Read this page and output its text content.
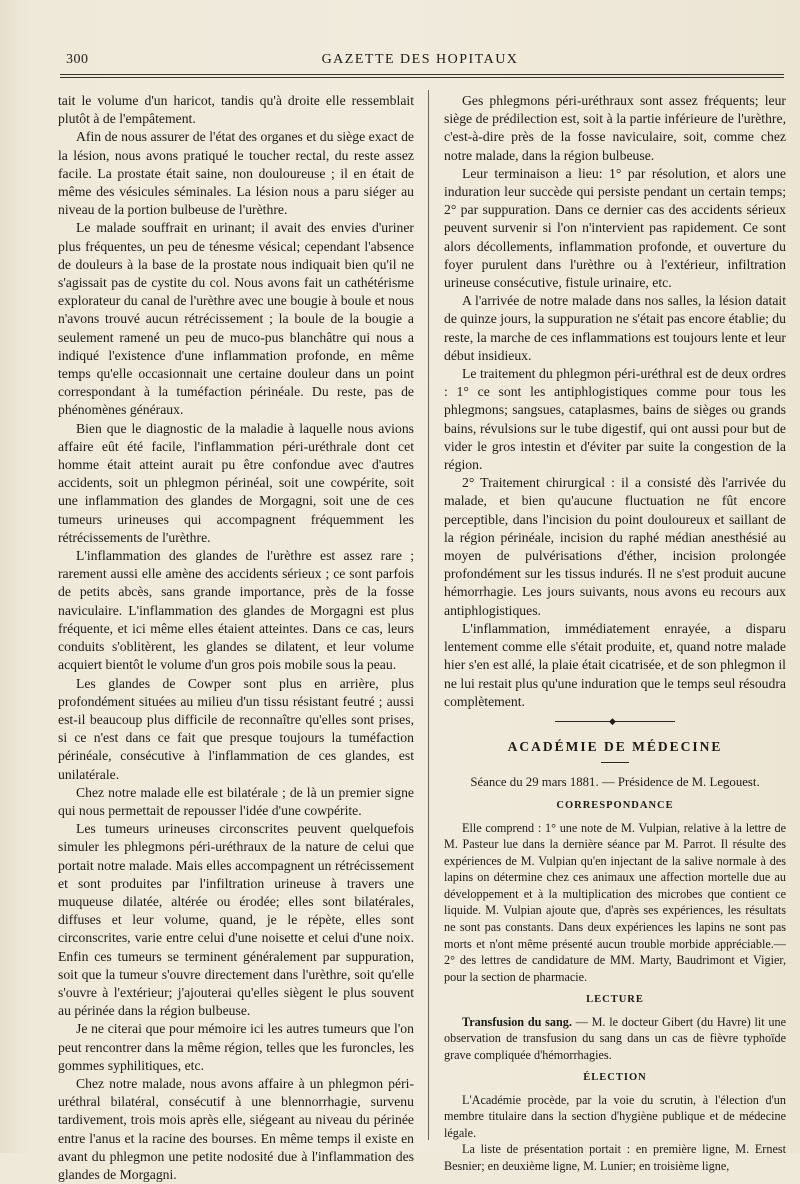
300	GAZETTE DES HOPITAUX

tait le volume d'un haricot, tandis qu'à droite elle ressemblait plutôt à de l'empâtement.

Afin de nous assurer de l'état des organes et du siège exact de la lésion, nous avons pratiqué le toucher rectal, du reste assez facile. La prostate était saine, non douloureuse ; il en était de même des vésicules séminales. La lésion nous a paru siéger au niveau de la portion bulbeuse de l'urèthre.

Le malade souffrait en urinant; il avait des envies d'uriner plus fréquentes, un peu de ténesme vésical; cependant l'absence de douleurs à la base de la prostate nous indiquait bien qu'il ne s'agissait pas de cystite du col. Nous avons fait un cathétérisme explorateur du canal de l'urèthre avec une bougie à boule et nous n'avons trouvé aucun rétrécissement ; la boule de la bougie a seulement ramené un peu de muco-pus blanchâtre qui nous a indiqué l'existence d'une inflammation profonde, en même temps qu'elle occasionnait une certaine douleur dans un point correspondant à la tuméfaction périnéale. Du reste, pas de phénomènes généraux.

Bien que le diagnostic de la maladie à laquelle nous avions affaire eût été facile, l'inflammation péri-uréthrale dont cet homme était atteint aurait pu être confondue avec d'autres accidents, soit un phlegmon périnéal, soit une cowpérite, soit une inflammation des glandes de Morgagni, soit une de ces tumeurs urineuses qui accompagnent fréquemment les rétrécissements de l'urèthre.

L'inflammation des glandes de l'urèthre est assez rare ; rarement aussi elle amène des accidents sérieux ; ce sont parfois de petits abcès, sans grande importance, près de la fosse naviculaire. L'inflammation des glandes de Morgagni est plus fréquente, et ici même elles étaient atteintes. Dans ce cas, leurs conduits s'oblitèrent, les glandes se dilatent, et leur volume acquiert bientôt le volume d'un gros pois mobile sous la peau.

Les glandes de Cowper sont plus en arrière, plus profondément situées au milieu d'un tissu résistant feutré ; aussi est-il beaucoup plus difficile de reconnaître qu'elles sont prises, si ce n'est dans ce fait que presque toujours la tuméfaction périnéale, consécutive à l'inflammation de ces glandes, est unilatérale.

Chez notre malade elle est bilatérale ; de là un premier signe qui nous permettait de repousser l'idée d'une cowpérite.

Les tumeurs urineuses circonscrites peuvent quelquefois simuler les phlegmons péri-uréthraux de la nature de celui que portait notre malade. Mais elles accompagnent un rétrécissement et sont produites par l'infiltration urineuse à travers une muqueuse dilatée, altérée ou érodée; elles sont bilatérales, diffuses et leur volume, quand, je le répète, elles sont circonscrites, varie entre celui d'une noisette et celui d'une noix. Enfin ces tumeurs se terminent généralement par suppuration, soit que la tumeur s'ouvre directement dans l'urèthre, soit qu'elle s'ouvre à l'extérieur; j'ajouterai qu'elles siègent le plus souvent au périnée dans la région bulbeuse.

Je ne citerai que pour mémoire ici les autres tumeurs que l'on peut rencontrer dans la même région, telles que les furoncles, les gommes syphilitiques, etc.

Chez notre malade, nous avons affaire à un phlegmon péri-uréthral bilatéral, consécutif à une blennorrhagie, survenu tardivement, trois mois après elle, siégeant au niveau du périnée entre l'anus et la racine des bourses. En même temps il existe en avant du phlegmon une petite nodosité due à l'inflammation des glandes de Morgagni.

Ges phlegmons péri-uréthraux sont assez fréquents; leur siège de prédilection est, soit à la partie inférieure de l'urèthre, c'est-à-dire près de la fosse naviculaire, soit, comme chez notre malade, dans la région bulbeuse.

Leur terminaison a lieu: 1° par résolution, et alors une induration leur succède qui persiste pendant un certain temps; 2° par suppuration. Dans ce dernier cas des accidents sérieux peuvent survenir si l'on n'intervient pas rapidement. Ce sont alors décollements, inflammation profonde, et ouverture du foyer purulent dans l'urèthre ou à l'extérieur, infiltration urineuse consécutive, fistule urinaire, etc.

A l'arrivée de notre malade dans nos salles, la lésion datait de quinze jours, la suppuration ne s'était pas encore établie; du reste, la marche de ces inflammations est toujours lente et leur début insidieux.

Le traitement du phlegmon péri-uréthral est de deux ordres : 1° ce sont les antiphlogistiques comme pour tous les phlegmons; sangsues, cataplasmes, bains de sièges ou grands bains, révulsions sur le tube digestif, qui ont aussi pour but de vider le gros intestin et d'éviter par suite la congestion de la région.

2° Traitement chirurgical : il a consisté dès l'arrivée du malade, et bien qu'aucune fluctuation ne fût encore perceptible, dans l'incision du point douloureux et saillant de la région périnéale, incision du raphé médian anesthésié au moyen de pulvérisations d'éther, incision prolongée profondément sur les tissus indurés. Il ne s'est produit aucune hémorrhagie. Les jours suivants, nous avons eu recours aux antiphlogistiques.

L'inflammation, immédiatement enrayée, a disparu lentement comme elle s'était produite, et, quand notre malade hier s'en est allé, la plaie était cicatrisée, et de son phlegmon il ne lui restait plus qu'une induration que le temps seul résoudra complètement.

◆
ACADÉMIE DE MÉDECINE
Séance du 29 mars 1881. — Présidence de M. Legouest.
CORRESPONDANCE

Elle comprend : 1° une note de M. Vulpian, relative à la lettre de M. Pasteur lue dans la dernière séance par M. Parrot. Il résulte des expériences de M. Vulpian qu'en injectant de la salive normale à des lapins on détermine chez ces animaux une affection mortelle due au développement et à la multiplication des microbes que contient ce liquide. M. Vulpian ajoute que, d'après ses expériences, les résultats ne sont pas constants. Dans deux expériences les lapins ne sont pas morts et n'ont même présenté aucun trouble morbide appréciable.— 2° des lettres de candidature de MM. Marty, Baudrimont et Vigier, pour la section de pharmacie.

LECTURE

Transfusion du sang. — M. le docteur Gibert (du Havre) lit une observation de transfusion du sang dans un cas de fièvre typhoïde grave compliquée d'hémorrhagies.

ÉLECTION

L'Académie procède, par la voie du scrutin, à l'élection d'un membre titulaire dans la section d'hygiène publique et de médecine légale.

La liste de présentation portait : en première ligne, M. Ernest Besnier; en deuxième ligne, M. Lunier; en troisième ligne,
